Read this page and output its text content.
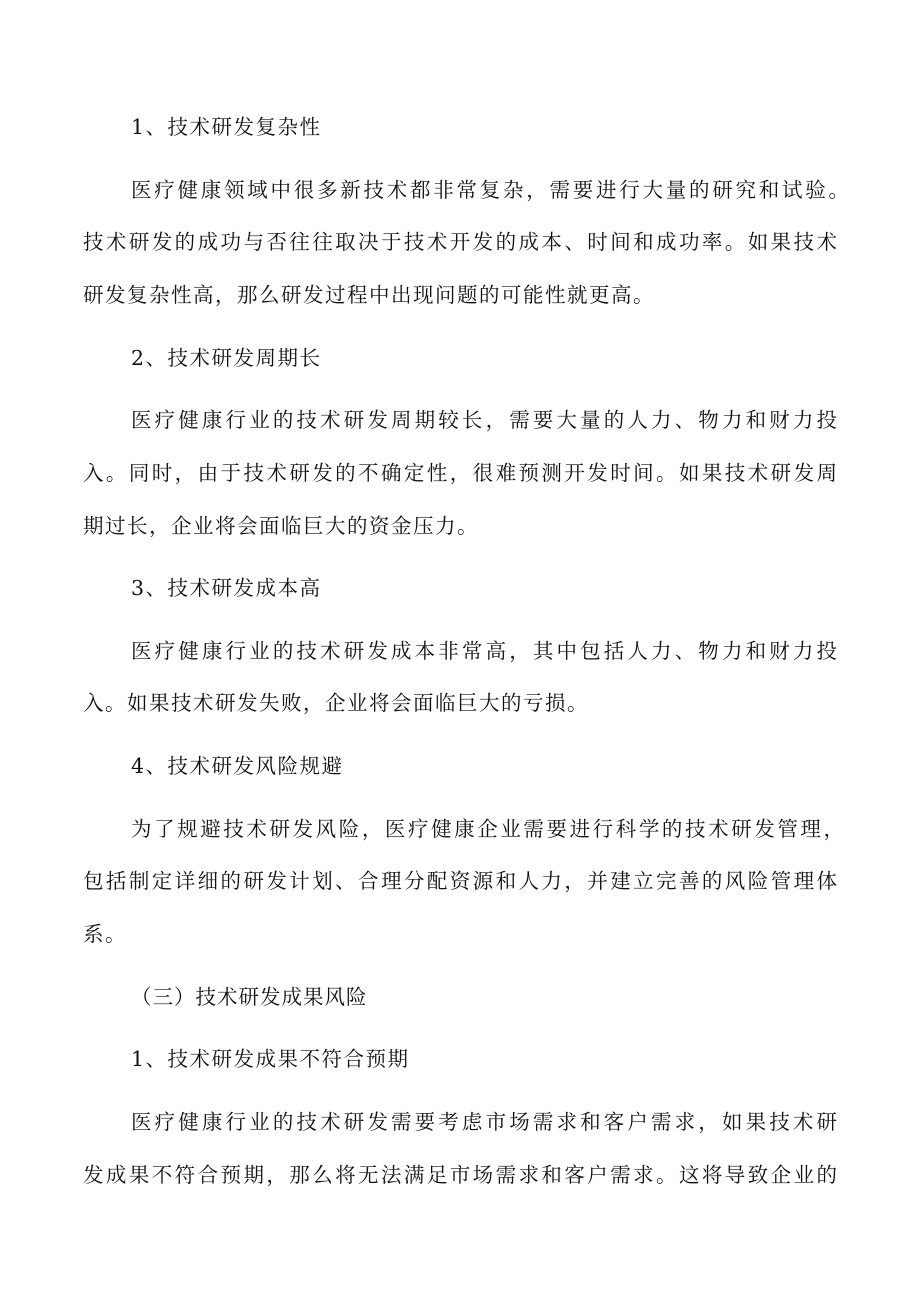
1、技术研发复杂性
医疗健康领域中很多新技术都非常复杂，需要进行大量的研究和试验。
技术研发的成功与否往往取决于技术开发的成本、时间和成功率。如果技术
研发复杂性高，那么研发过程中出现问题的可能性就更高。
2、技术研发周期长
医疗健康行业的技术研发周期较长，需要大量的人力、物力和财力投
入。同时，由于技术研发的不确定性，很难预测开发时间。如果技术研发周
期过长，企业将会面临巨大的资金压力。
3、技术研发成本高
医疗健康行业的技术研发成本非常高，其中包括人力、物力和财力投
入。如果技术研发失败，企业将会面临巨大的亏损。
4、技术研发风险规避
为了规避技术研发风险，医疗健康企业需要进行科学的技术研发管理，
包括制定详细的研发计划、合理分配资源和人力，并建立完善的风险管理体
系。
（三）技术研发成果风险
1、技术研发成果不符合预期
医疗健康行业的技术研发需要考虑市场需求和客户需求，如果技术研
发成果不符合预期，那么将无法满足市场需求和客户需求。这将导致企业的
